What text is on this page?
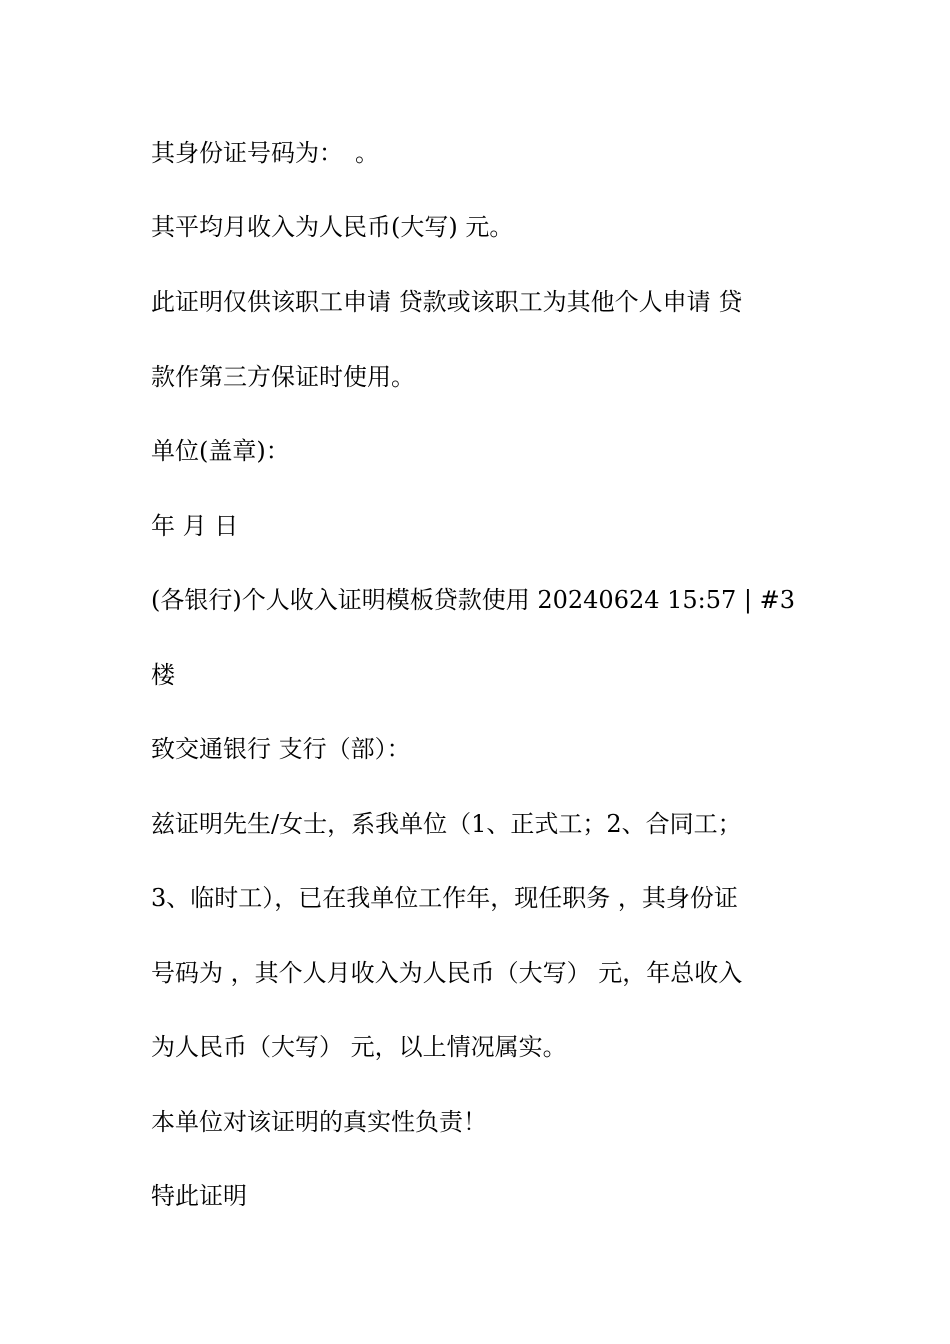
其身份证号码为：　。

其平均月收入为人民币(大写) 元。

此证明仅供该职工申请 贷款或该职工为其他个人申请 贷

款作第三方保证时使用。

单位(盖章)：

年 月 日

(各银行)个人收入证明模板贷款使用 20240624 15:57 | #3

楼

致交通银行 支行（部）：

兹证明先生/女士，系我单位（1、正式工；2、合同工；

3、临时工），已在我单位工作年，现任职务 ，其身份证

号码为 ，其个人月收入为人民币（大写） 元，年总收入

为人民币（大写） 元，以上情况属实。

本单位对该证明的真实性负责！

特此证明
